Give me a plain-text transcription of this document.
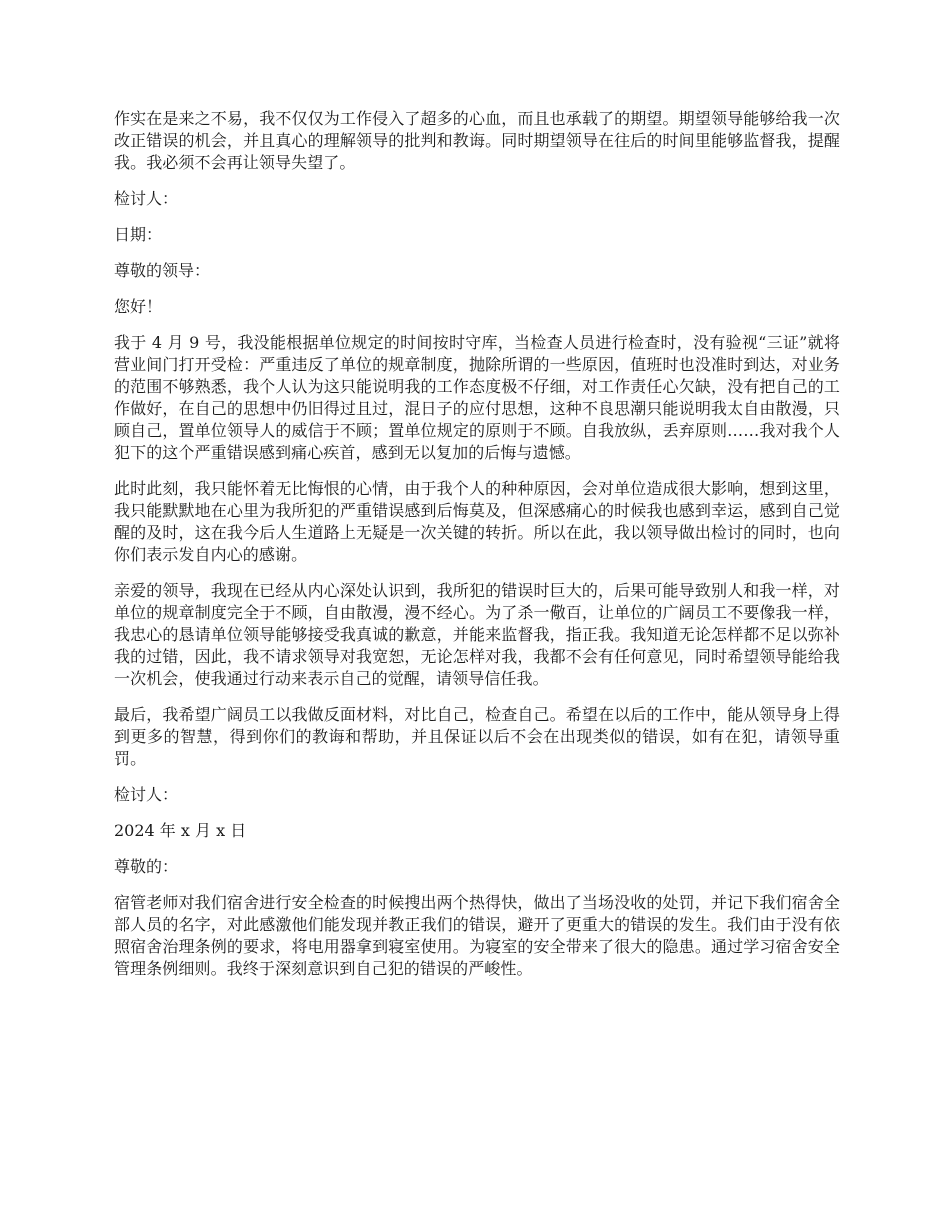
作实在是来之不易，我不仅仅为工作侵入了超多的心血，而且也承载了的期望。期望领导能够给我一次改正错误的机会，并且真心的理解领导的批判和教诲。同时期望领导在往后的时间里能够监督我，提醒我。我必须不会再让领导失望了。

检讨人：

日期：

尊敬的领导：

您好！

我于 4 月 9 号，我没能根据单位规定的时间按时守库，当检查人员进行检查时，没有验视“三证”就将营业间门打开受检：严重违反了单位的规章制度，抛除所谓的一些原因，值班时也没准时到达，对业务的范围不够熟悉，我个人认为这只能说明我的工作态度极不仔细，对工作责任心欠缺，没有把自己的工作做好，在自己的思想中仍旧得过且过，混日子的应付思想，这种不良思潮只能说明我太自由散漫，只顾自己，置单位领导人的威信于不顾；置单位规定的原则于不顾。自我放纵，丢弃原则……我对我个人犯下的这个严重错误感到痛心疾首，感到无以复加的后悔与遗憾。

此时此刻，我只能怀着无比悔恨的心情，由于我个人的种种原因，会对单位造成很大影响，想到这里，我只能默默地在心里为我所犯的严重错误感到后悔莫及，但深感痛心的时候我也感到幸运，感到自己觉醒的及时，这在我今后人生道路上无疑是一次关键的转折。所以在此，我以领导做出检讨的同时，也向你们表示发自内心的感谢。

亲爱的领导，我现在已经从内心深处认识到，我所犯的错误时巨大的，后果可能导致别人和我一样，对单位的规章制度完全于不顾，自由散漫，漫不经心。为了杀一儆百，让单位的广阔员工不要像我一样，我忠心的恳请单位领导能够接受我真诚的歉意，并能来监督我，指正我。我知道无论怎样都不足以弥补我的过错，因此，我不请求领导对我宽恕，无论怎样对我，我都不会有任何意见，同时希望领导能给我一次机会，使我通过行动来表示自己的觉醒，请领导信任我。

最后，我希望广阔员工以我做反面材料，对比自己，检查自己。希望在以后的工作中，能从领导身上得到更多的智慧，得到你们的教诲和帮助，并且保证以后不会在出现类似的错误，如有在犯，请领导重罚。

检讨人：

2024 年 x 月 x 日

尊敬的：

宿管老师对我们宿舍进行安全检查的时候搜出两个热得快，做出了当场没收的处罚，并记下我们宿舍全部人员的名字，对此感激他们能发现并教正我们的错误，避开了更重大的错误的发生。我们由于没有依照宿舍治理条例的要求，将电用器拿到寝室使用。为寝室的安全带来了很大的隐患。通过学习宿舍安全管理条例细则。我终于深刻意识到自己犯的错误的严峻性。
